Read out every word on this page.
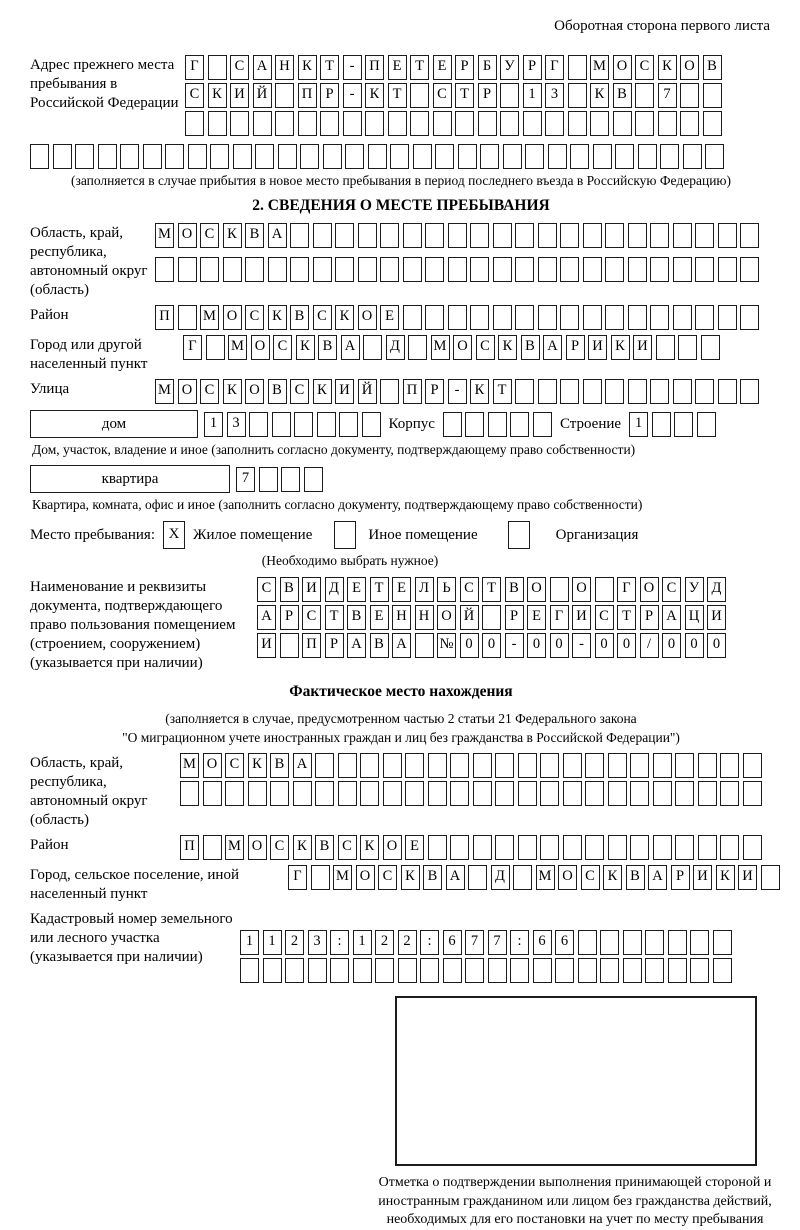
Оборотная сторона первого листа
Адрес прежнего места пребывания в Российской Федерации
Г	С А Н К Т	-	П Е Т Е Р Б У Р Г	М О С К О В
С К И Й П Р	-	К Т	С Т Р	1	3	К В	7
(заполняется в случае прибытия в новое место пребывания в период последнего въезда в Российскую Федерацию)
2. СВЕДЕНИЯ О МЕСТЕ ПРЕБЫВАНИЯ
Область, край, республика, автономный округ (область)
М О С К В А
Район	П М О С К В С К О Е
Город или другой населенный пункт
Г	М О С К В А	Д	М О С К В А Р И К И
Улица	М О С К О В С К И Й П Р	-	К Т
дом	1	3	Корпус	Строение 1
Дом, участок, владение и иное (заполнить согласно документу, подтверждающему право собственности)
квартира	7
Квартира, комната, офис и иное (заполнить согласно документу, подтверждающему право собственности)
Место пребывания: X Жилое помещение	Иное помещение	Организация
(Необходимо выбрать нужное)
Наименование и реквизиты документа, подтверждающего право пользования помещением (строением, сооружением) (указывается при наличии)
С В И Д Е Т Е Л Ь С Т В О О	Г О С У Д
А Р С Т В Е Н Н О Й	Р Е Г И С Т Р А Ц И
И П Р А В А № 0	0	-	0	0	-	0	0	/	0	0	0
Фактическое место нахождения
(заполняется в случае, предусмотренном частью 2 статьи 21 Федерального закона
"О миграционном учете иностранных граждан и лиц без гражданства в Российской Федерации")
Область, край, республика, автономный округ (область)
М О С К В А
Район	П М О С К В С К О Е
Город, сельское поселение, иной населенный пункт
Г	М О С К В А	Д	М О С К В А Р И К И
Кадастровый номер земельного или лесного участка (указывается при наличии)
1	1	2	3	:	1	2	2	:	6	7	7	:	6	6
Отметка о подтверждении выполнения принимающей стороной и иностранным гражданином или лицом без гражданства действий, необходимых для его постановки на учет по месту пребывания
